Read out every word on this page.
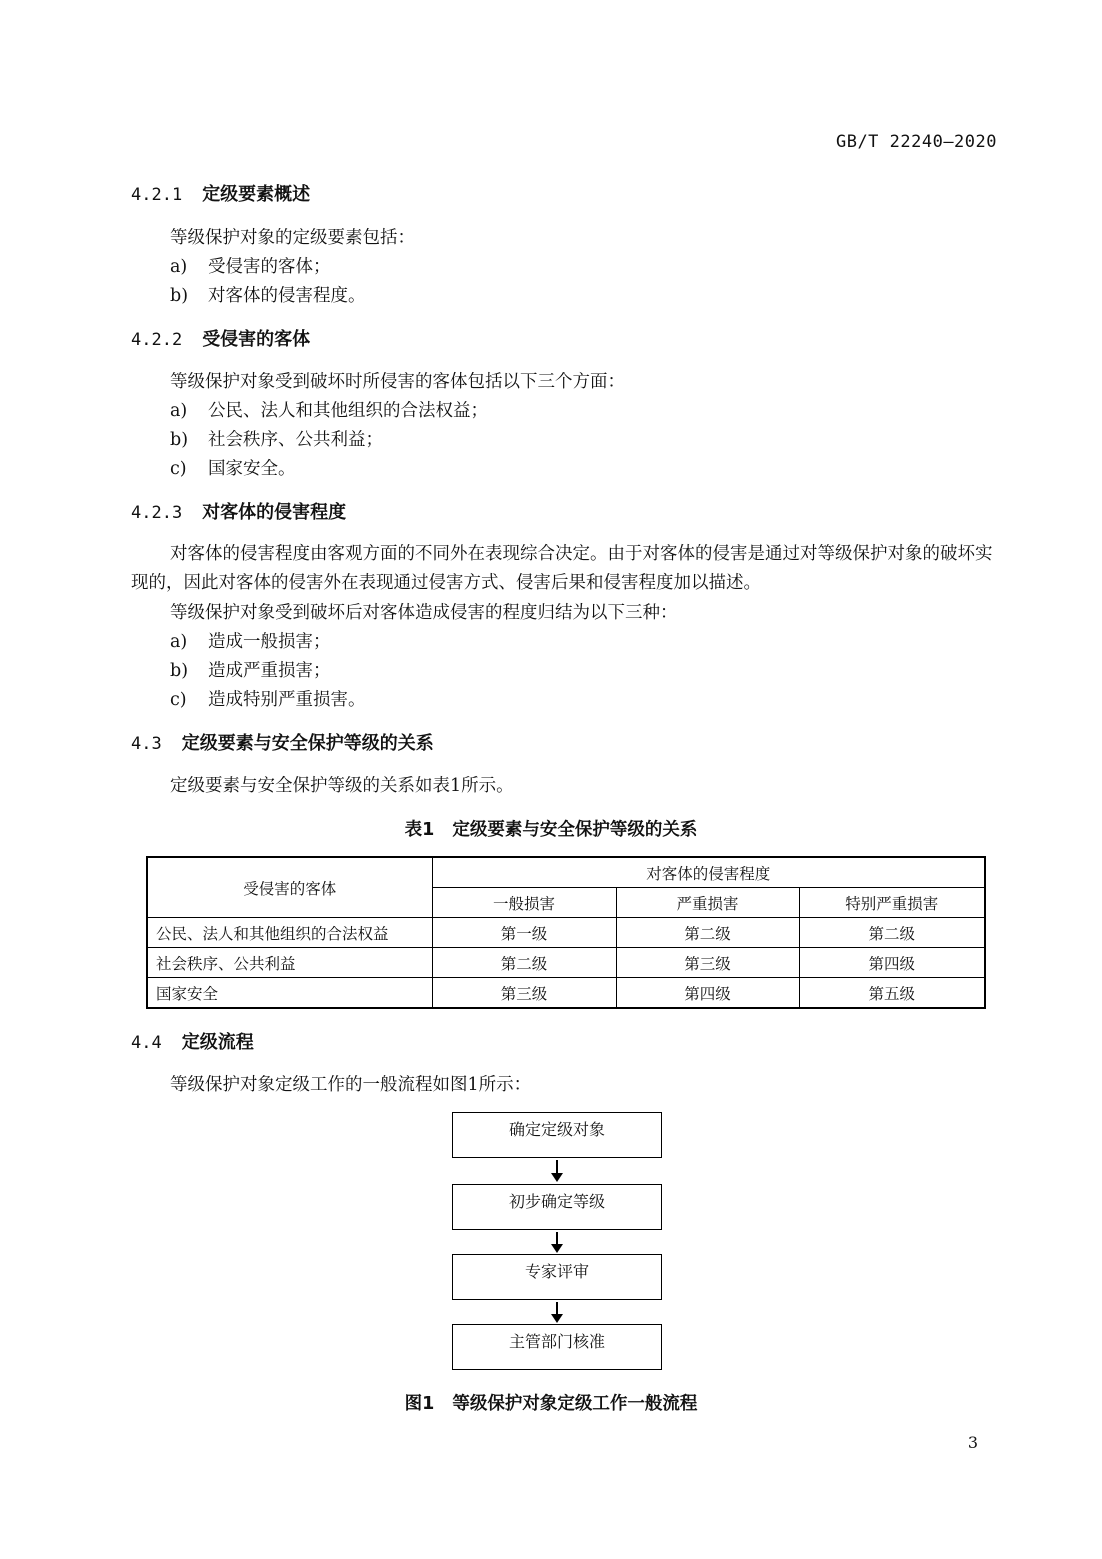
GB/T 22240—2020
4.2.1 定级要素概述
等级保护对象的定级要素包括：
a) 受侵害的客体；
b) 对客体的侵害程度。
4.2.2 受侵害的客体
等级保护对象受到破坏时所侵害的客体包括以下三个方面：
a) 公民、法人和其他组织的合法权益；
b) 社会秩序、公共利益；
c) 国家安全。
4.2.3 对客体的侵害程度

对客体的侵害程度由客观方面的不同外在表现综合决定。由于对客体的侵害是通过对等级保护对象的破坏实现的，因此对客体的侵害外在表现通过侵害方式、侵害后果和侵害程度加以描述。

等级保护对象受到破坏后对客体造成侵害的程度归结为以下三种：
a) 造成一般损害；
b) 造成严重损害；
c) 造成特别严重损害。
4.3 定级要素与安全保护等级的关系
定级要素与安全保护等级的关系如表1所示。
表1 定级要素与安全保护等级的关系
受侵害的客体	对客体的侵害程度		
	一般损害	严重损害	特别严重损害
公民、法人和其他组织的合法权益	第一级	第二级	第二级
社会秩序、公共利益	第二级	第三级	第四级
国家安全	第三级	第四级	第五级
4.4 定级流程
等级保护对象定级工作的一般流程如图1所示：
确定定级对象
初步确定等级
专家评审
主管部门核准
图1 等级保护对象定级工作一般流程
3
